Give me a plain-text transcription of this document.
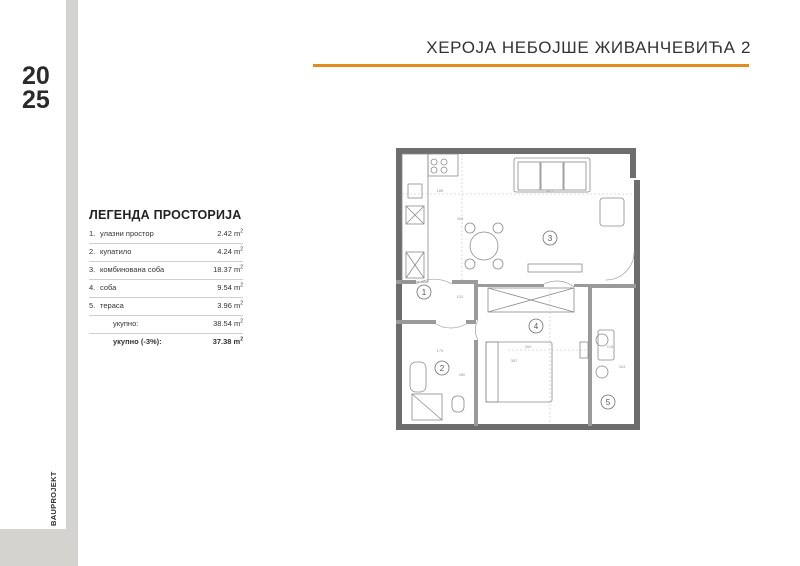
20
25
BAUPROJEKT
ХЕРОЈА НЕБОЈШЕ ЖИВАНЧЕВИЋА 2
ЛЕГЕНДА ПРОСТОРИЈА
1. улазни простор	2.42 $m^2$
2. купатило	4.24 $m^2$
3. комбинована соба	18.37 $m^2$
4. соба	9.54 $m^2$
5. тераса	3.96 $m^2$
укупно:	38.54 $m^2$
укупно (-3%):	37.38 $m^2$
1
2
3
4
5
186	417
305
120
175
280
260
387
118
344
